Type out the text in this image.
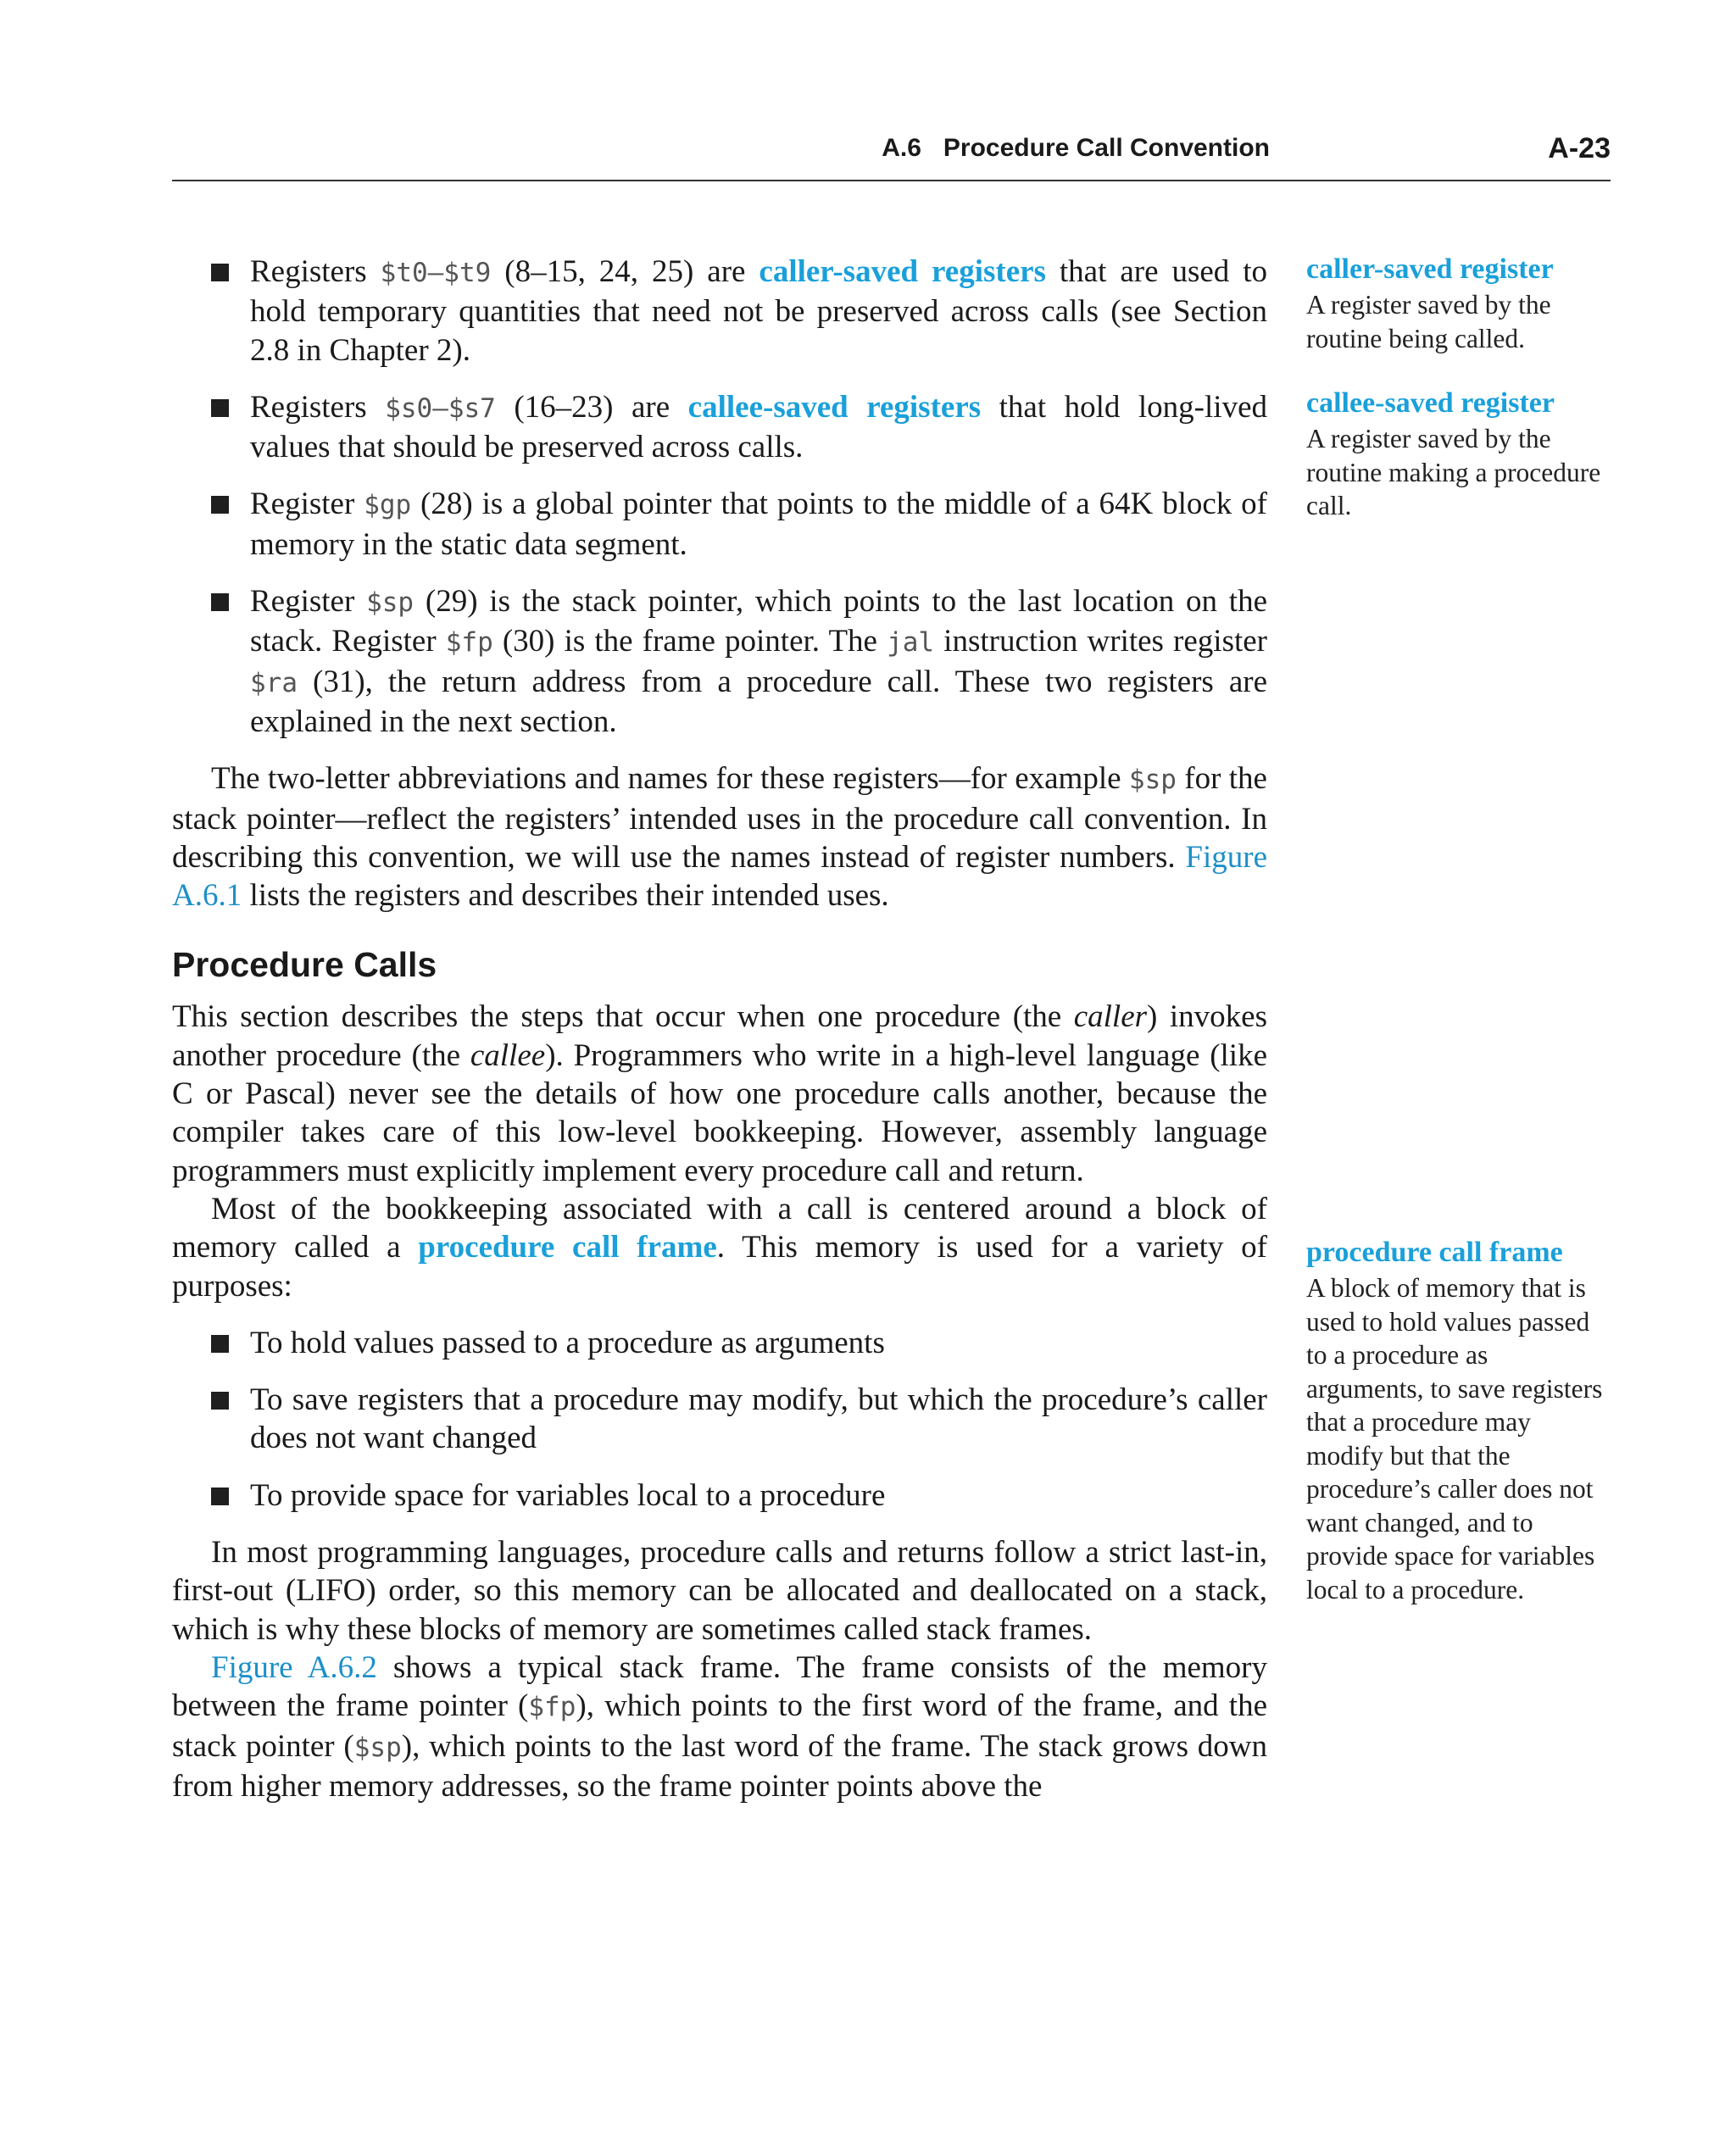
A.6 Procedure Call Convention	A-23
Registers $t0–$t9 (8–15, 24, 25) are caller-saved registers that are used to hold temporary quantities that need not be preserved across calls (see Section 2.8 in Chapter 2).
Registers $s0–$s7 (16–23) are callee-saved registers that hold long-lived values that should be preserved across calls.
Register $gp (28) is a global pointer that points to the middle of a 64K block of memory in the static data segment.
Register $sp (29) is the stack pointer, which points to the last location on the stack. Register $fp (30) is the frame pointer. The jal instruction writes register $ra (31), the return address from a procedure call. These two registers are explained in the next section.

The two-letter abbreviations and names for these registers—for example $sp for the stack pointer—reflect the registers’ intended uses in the procedure call convention. In describing this convention, we will use the names instead of register numbers. Figure A.6.1 lists the registers and describes their intended uses.

Procedure Calls

This section describes the steps that occur when one procedure (the caller) invokes another procedure (the callee). Programmers who write in a high-level language (like C or Pascal) never see the details of how one procedure calls another, because the compiler takes care of this low-level bookkeeping. However, assembly language programmers must explicitly implement every procedure call and return.

Most of the bookkeeping associated with a call is centered around a block of memory called a procedure call frame. This memory is used for a variety of purposes:

To hold values passed to a procedure as arguments
To save registers that a procedure may modify, but which the procedure’s caller does not want changed
To provide space for variables local to a procedure

In most programming languages, procedure calls and returns follow a strict last-in, first-out (LIFO) order, so this memory can be allocated and deallocated on a stack, which is why these blocks of memory are sometimes called stack frames.

Figure A.6.2 shows a typical stack frame. The frame consists of the memory between the frame pointer ($fp), which points to the first word of the frame, and the stack pointer ($sp), which points to the last word of the frame. The stack grows down from higher memory addresses, so the frame pointer points above the

caller-saved register
A register saved by the routine being called.
callee-saved register
A register saved by the routine making a procedure call.
procedure call frame
A block of memory that is used to hold values passed to a procedure as arguments, to save registers that a procedure may modify but that the procedure’s caller does not want changed, and to provide space for variables local to a procedure.
